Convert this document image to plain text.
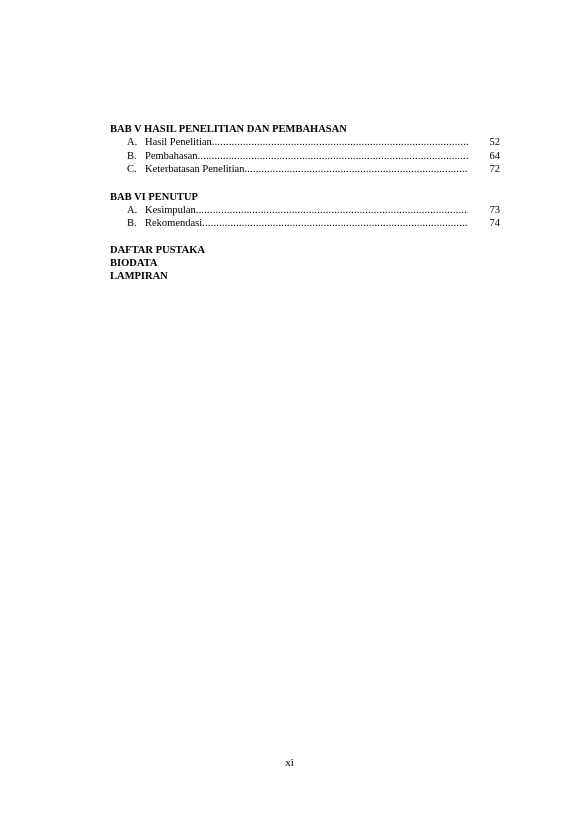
BAB V HASIL PENELITIAN DAN PEMBAHASAN
A. Hasil Penelitian .....	52
B. Pembahasan .....	64
C. Keterbatasan Penelitian .....	72
BAB VI PENUTUP
A. Kesimpulan .....	73
B. Rekomendasi .....	74
DAFTAR PUSTAKA
BIODATA
LAMPIRAN
xi
